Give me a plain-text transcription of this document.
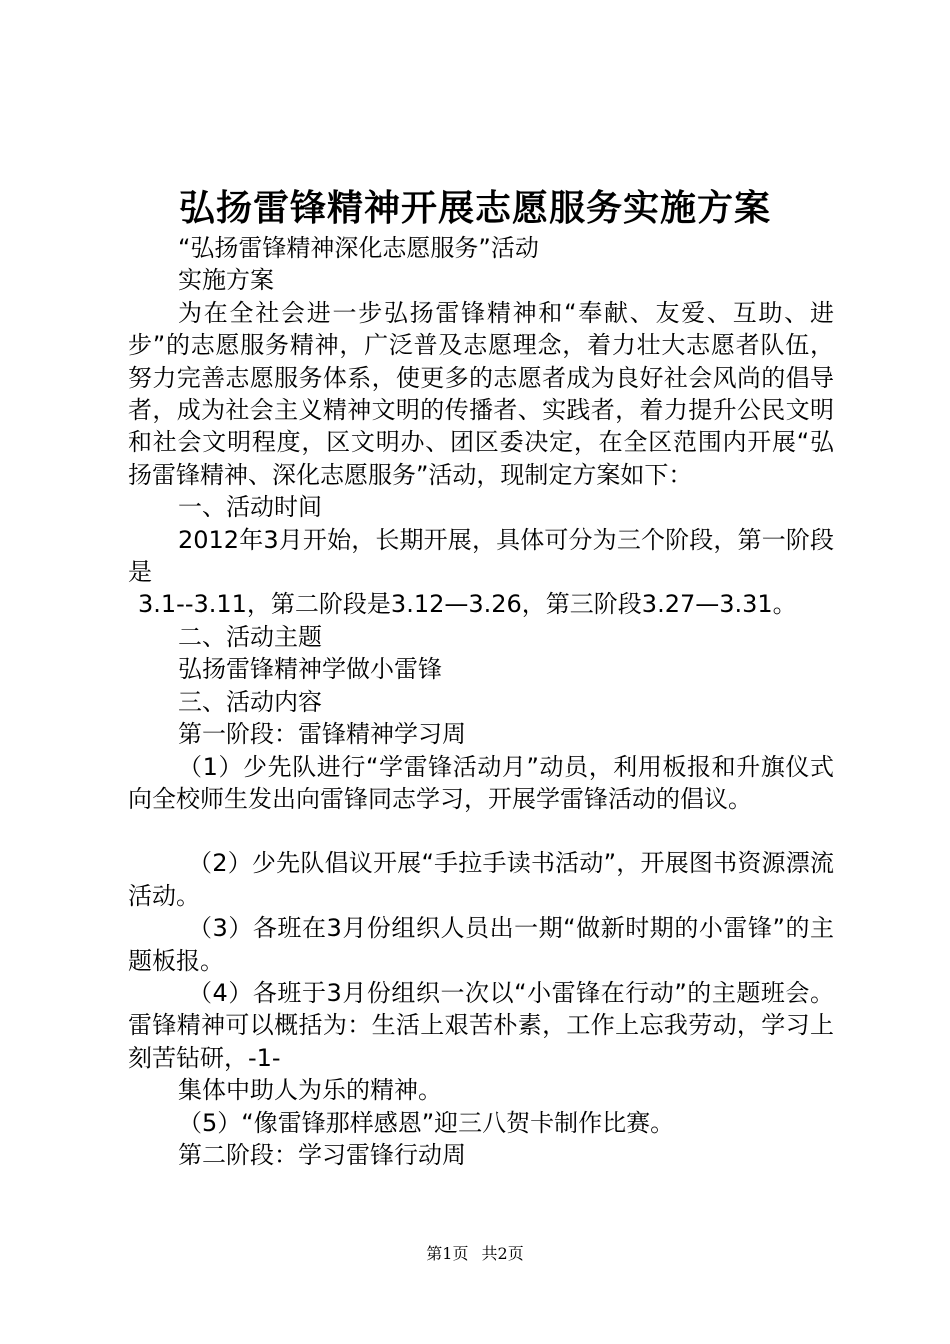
弘扬雷锋精神开展志愿服务实施方案

“弘扬雷锋精神深化志愿服务”活动

实施方案

为在全社会进一步弘扬雷锋精神和“奉献、友爱、互助、进步”的志愿服务精神，广泛普及志愿理念，着力壮大志愿者队伍，努力完善志愿服务体系，使更多的志愿者成为良好社会风尚的倡导者，成为社会主义精神文明的传播者、实践者，着力提升公民文明和社会文明程度，区文明办、团区委决定，在全区范围内开展“弘扬雷锋精神、深化志愿服务”活动，现制定方案如下：

一、活动时间

2012年3月开始，长期开展，具体可分为三个阶段，第一阶段是

3.1--3.11，第二阶段是3.12—3.26，第三阶段3.27—3.31。

二、活动主题

弘扬雷锋精神学做小雷锋

三、活动内容

第一阶段：雷锋精神学习周

（1）少先队进行“学雷锋活动月”动员，利用板报和升旗仪式向全校师生发出向雷锋同志学习，开展学雷锋活动的倡议。

（2）少先队倡议开展“手拉手读书活动”，开展图书资源漂流活动。

（3）各班在3月份组织人员出一期“做新时期的小雷锋”的主题板报。

（4）各班于3月份组织一次以“小雷锋在行动”的主题班会。雷锋精神可以概括为：生活上艰苦朴素，工作上忘我劳动，学习上刻苦钻研，-1-

集体中助人为乐的精神。

（5）“像雷锋那样感恩”迎三八贺卡制作比赛。

第二阶段：学习雷锋行动周

第1页 共2页
